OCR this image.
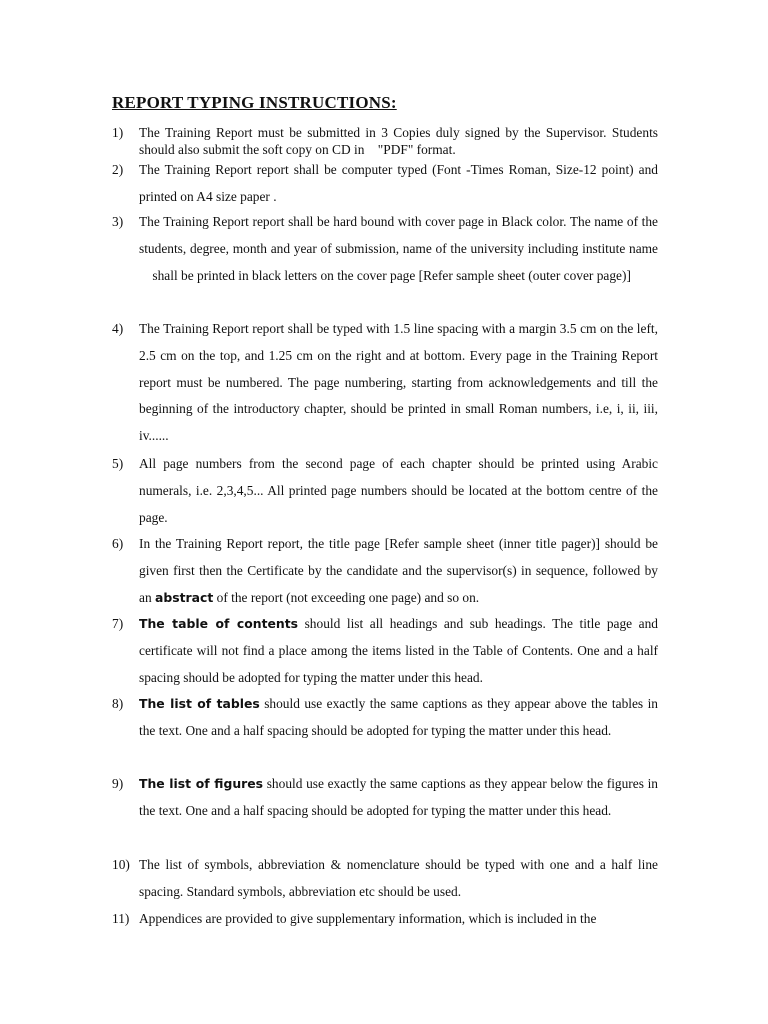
REPORT TYPING INSTRUCTIONS:
1) The Training Report must be submitted in 3 Copies duly signed by the Supervisor. Students should also submit the soft copy on CD in    "PDF" format.
2) The Training Report report shall be computer typed (Font -Times Roman, Size-12 point) and printed on A4 size paper .
3) The Training Report report shall be hard bound with cover page in Black color. The name of the students, degree, month and year of submission, name of the university including institute name     shall be printed in black letters on the cover page [Refer sample sheet (outer cover page)]
4) The Training Report report shall be typed with 1.5 line spacing with a margin 3.5 cm on the left, 2.5 cm on the top, and 1.25 cm on the right and at bottom. Every page in the Training Report report must be numbered. The page numbering, starting from acknowledgements and till the beginning of the introductory chapter, should be printed in small Roman numbers, i.e, i, ii, iii, iv......
5) All page numbers from the second page of each chapter should be printed using Arabic numerals, i.e. 2,3,4,5... All printed page numbers should be located at the bottom centre of the page.
6) In the Training Report report, the title page [Refer sample sheet (inner title pager)] should be given first then the Certificate by the candidate and the supervisor(s) in sequence, followed by an abstract of the report (not exceeding one page) and so on.
7) The table of contents should list all headings and sub headings. The title page and certificate will not find a place among the items listed in the Table of Contents. One and a half spacing should be adopted for typing the matter under this head.
8) The list of tables should use exactly the same captions as they appear above the tables in the text. One and a half spacing should be adopted for typing the matter under this head.
9) The list of figures should use exactly the same captions as they appear below the figures in the text. One and a half spacing should be adopted for typing the matter under this head.
10) The list of symbols, abbreviation & nomenclature should be typed with one and a half line spacing. Standard symbols, abbreviation etc should be used.
11) Appendices are provided to give supplementary information, which is included in the
